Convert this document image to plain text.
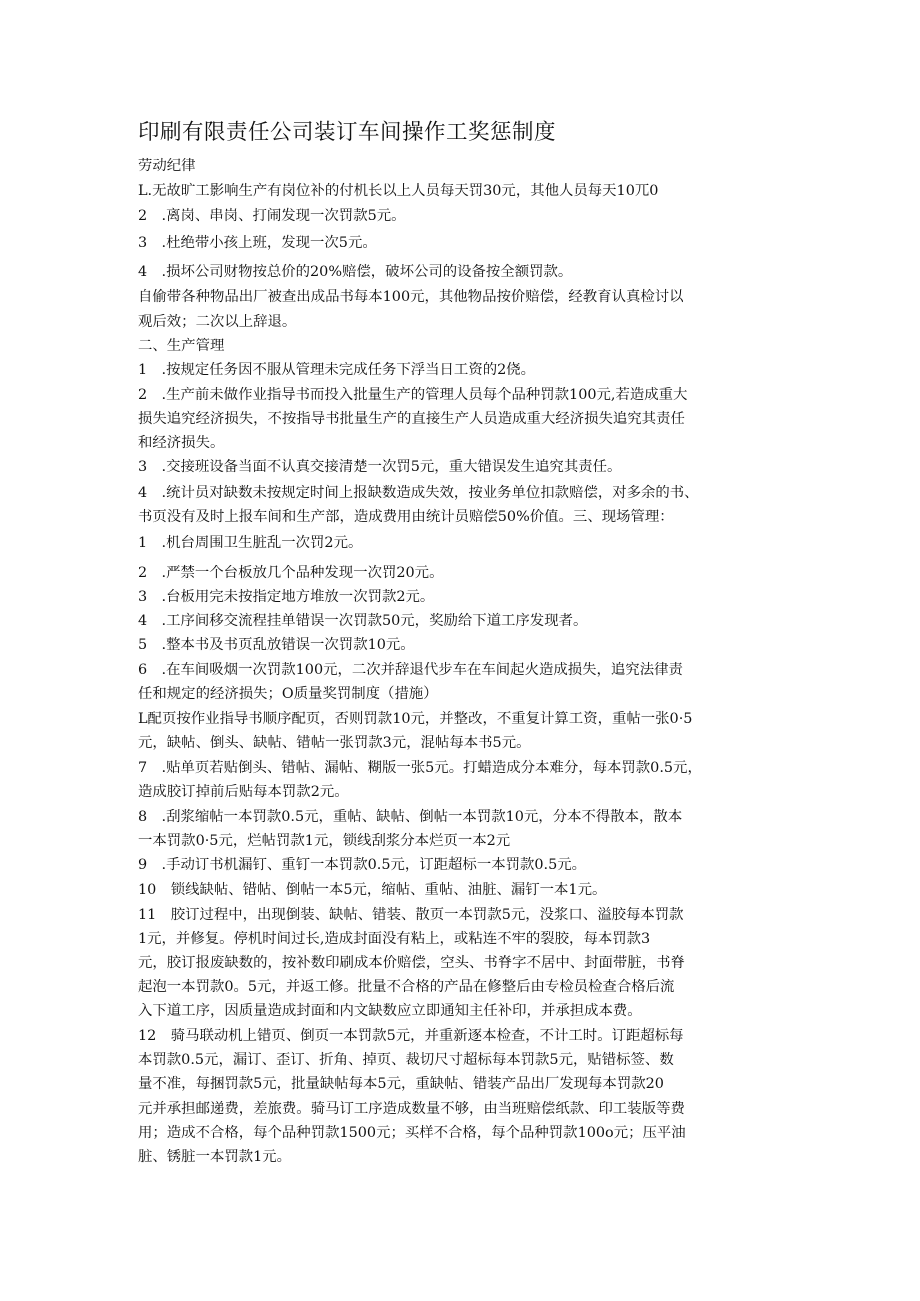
印刷有限责任公司装订车间操作工奖惩制度
劳动纪律
L.无故旷工影响生产有岗位补的付机长以上人员每天罚30元，其他人员每天10兀0
2　.离岗、串岗、打闹发现一次罚款5元。
3　.杜绝带小孩上班，发现一次5元。
4　.损坏公司财物按总价的20%赔偿，破坏公司的设备按全额罚款。
自偷带各种物品出厂被查出成品书每本100元，其他物品按价赔偿，经教育认真检讨以
观后效；二次以上辞退。
二、生产管理
1　.按规定任务因不服从管理未完成任务下浮当日工资的2侥。
2　.生产前未做作业指导书而投入批量生产的管理人员每个品种罚款100元,若造成重大
损失追究经济损失，不按指导书批量生产的直接生产人员造成重大经济损失追究其责任
和经济损失。
3　.交接班设备当面不认真交接清楚一次罚5元，重大错误发生追究其责任。
4　.统计员对缺数未按规定时间上报缺数造成失效，按业务单位扣款赔偿，对多余的书、
书页没有及时上报车间和生产部，造成费用由统计员赔偿50%价值。三、现场管理：
1　.机台周围卫生脏乱一次罚2元。
2　.严禁一个台板放几个品种发现一次罚20元。
3　.台板用完未按指定地方堆放一次罚款2元。
4　.工序间移交流程挂单错误一次罚款50元，奖励给下道工序发现者。
5　.整本书及书页乱放错误一次罚款10元。
6　.在车间吸烟一次罚款100元，二次并辞退代步车在车间起火造成损失，追究法律责
任和规定的经济损失；O质量奖罚制度（措施）
L配页按作业指导书顺序配页，否则罚款10元，并整改，不重复计算工资，重帖一张0·5
元，缺帖、倒头、缺帖、错帖一张罚款3元，混帖每本书5元。
7　.贴单页若贴倒头、错帖、漏帖、糊版一张5元。打蜡造成分本难分，每本罚款0.5元，
造成胶订掉前后贴每本罚款2元。
8　.刮浆缩帖一本罚款0.5元，重帖、缺帖、倒帖一本罚款10元，分本不得散本，散本
一本罚款0·5元，烂帖罚款1元，锁线刮浆分本烂页一本2元
9　.手动订书机漏钉、重钉一本罚款0.5元，订距超标一本罚款0.5元。
10　锁线缺帖、错帖、倒帖一本5元，缩帖、重帖、油脏、漏钉一本1元。
11　胶订过程中，出现倒装、缺帖、错装、散页一本罚款5元，没浆口、溢胶每本罚款
1元，并修复。停机时间过长,造成封面没有粘上，或粘连不牢的裂胶，每本罚款3
元，胶订报废缺数的，按补数印刷成本价赔偿，空头、书脊字不居中、封面带脏，书脊
起泡一本罚款0。5元，并返工修。批量不合格的产品在修整后由专检员检查合格后流
入下道工序，因质量造成封面和内文缺数应立即通知主任补印，并承担成本费。
12　骑马联动机上错页、倒页一本罚款5元，并重新逐本检查，不计工时。订距超标每
本罚款0.5元，漏订、歪订、折角、掉页、裁切尺寸超标每本罚款5元，贴错标签、数
量不准，每捆罚款5元，批量缺帖每本5元，重缺帖、错装产品出厂发现每本罚款20
元并承担邮递费，差旅费。骑马订工序造成数量不够，由当班赔偿纸款、印工装版等费
用；造成不合格，每个品种罚款1500元；买样不合格，每个品种罚款100o元；压平油
脏、锈脏一本罚款1元。
